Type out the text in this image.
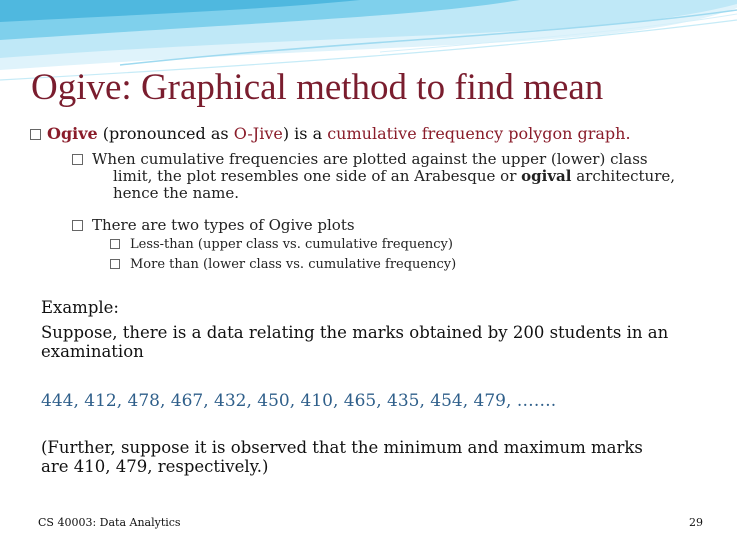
Ogive: Graphical method to find mean
Ogive (pronounced as O-Jive) is a cumulative frequency polygon graph.
When cumulative frequencies are plotted against the upper (lower) class
limit, the plot resembles one side of an Arabesque or ogival architecture,
hence the name.
There are two types of Ogive plots
Less-than (upper class vs. cumulative frequency)
More than (lower class vs. cumulative frequency)
Example:
Suppose, there is a data relating the marks obtained by 200 students in an
examination
444, 412, 478, 467, 432, 450, 410, 465, 435, 454, 479, …….
(Further, suppose it is observed that the minimum and maximum marks
are 410, 479, respectively.)
CS 40003: Data Analytics	29
